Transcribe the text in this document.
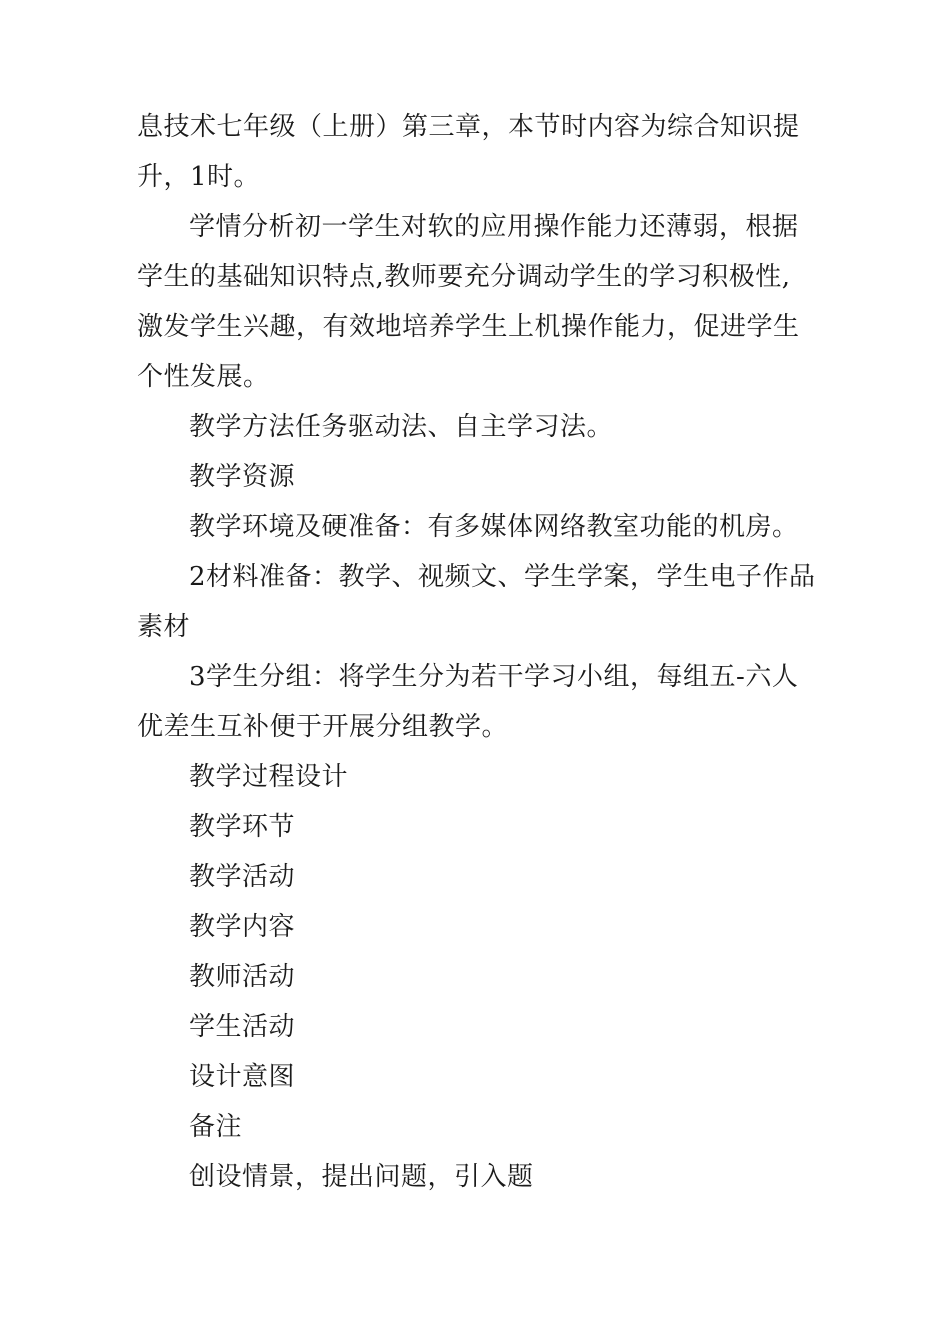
息技术七年级（上册）第三章，本节时内容为综合知识提升，1时。

学情分析初一学生对软的应用操作能力还薄弱，根据学生的基础知识特点,教师要充分调动学生的学习积极性,激发学生兴趣，有效地培养学生上机操作能力，促进学生个性发展。

教学方法任务驱动法、自主学习法。

教学资源

教学环境及硬准备：有多媒体网络教室功能的机房。

2材料准备：教学、视频文、学生学案，学生电子作品素材

3学生分组：将学生分为若干学习小组，每组五-六人优差生互补便于开展分组教学。

教学过程设计

教学环节

教学活动

教学内容

教师活动

学生活动

设计意图

备注

创设情景，提出问题，引入题
